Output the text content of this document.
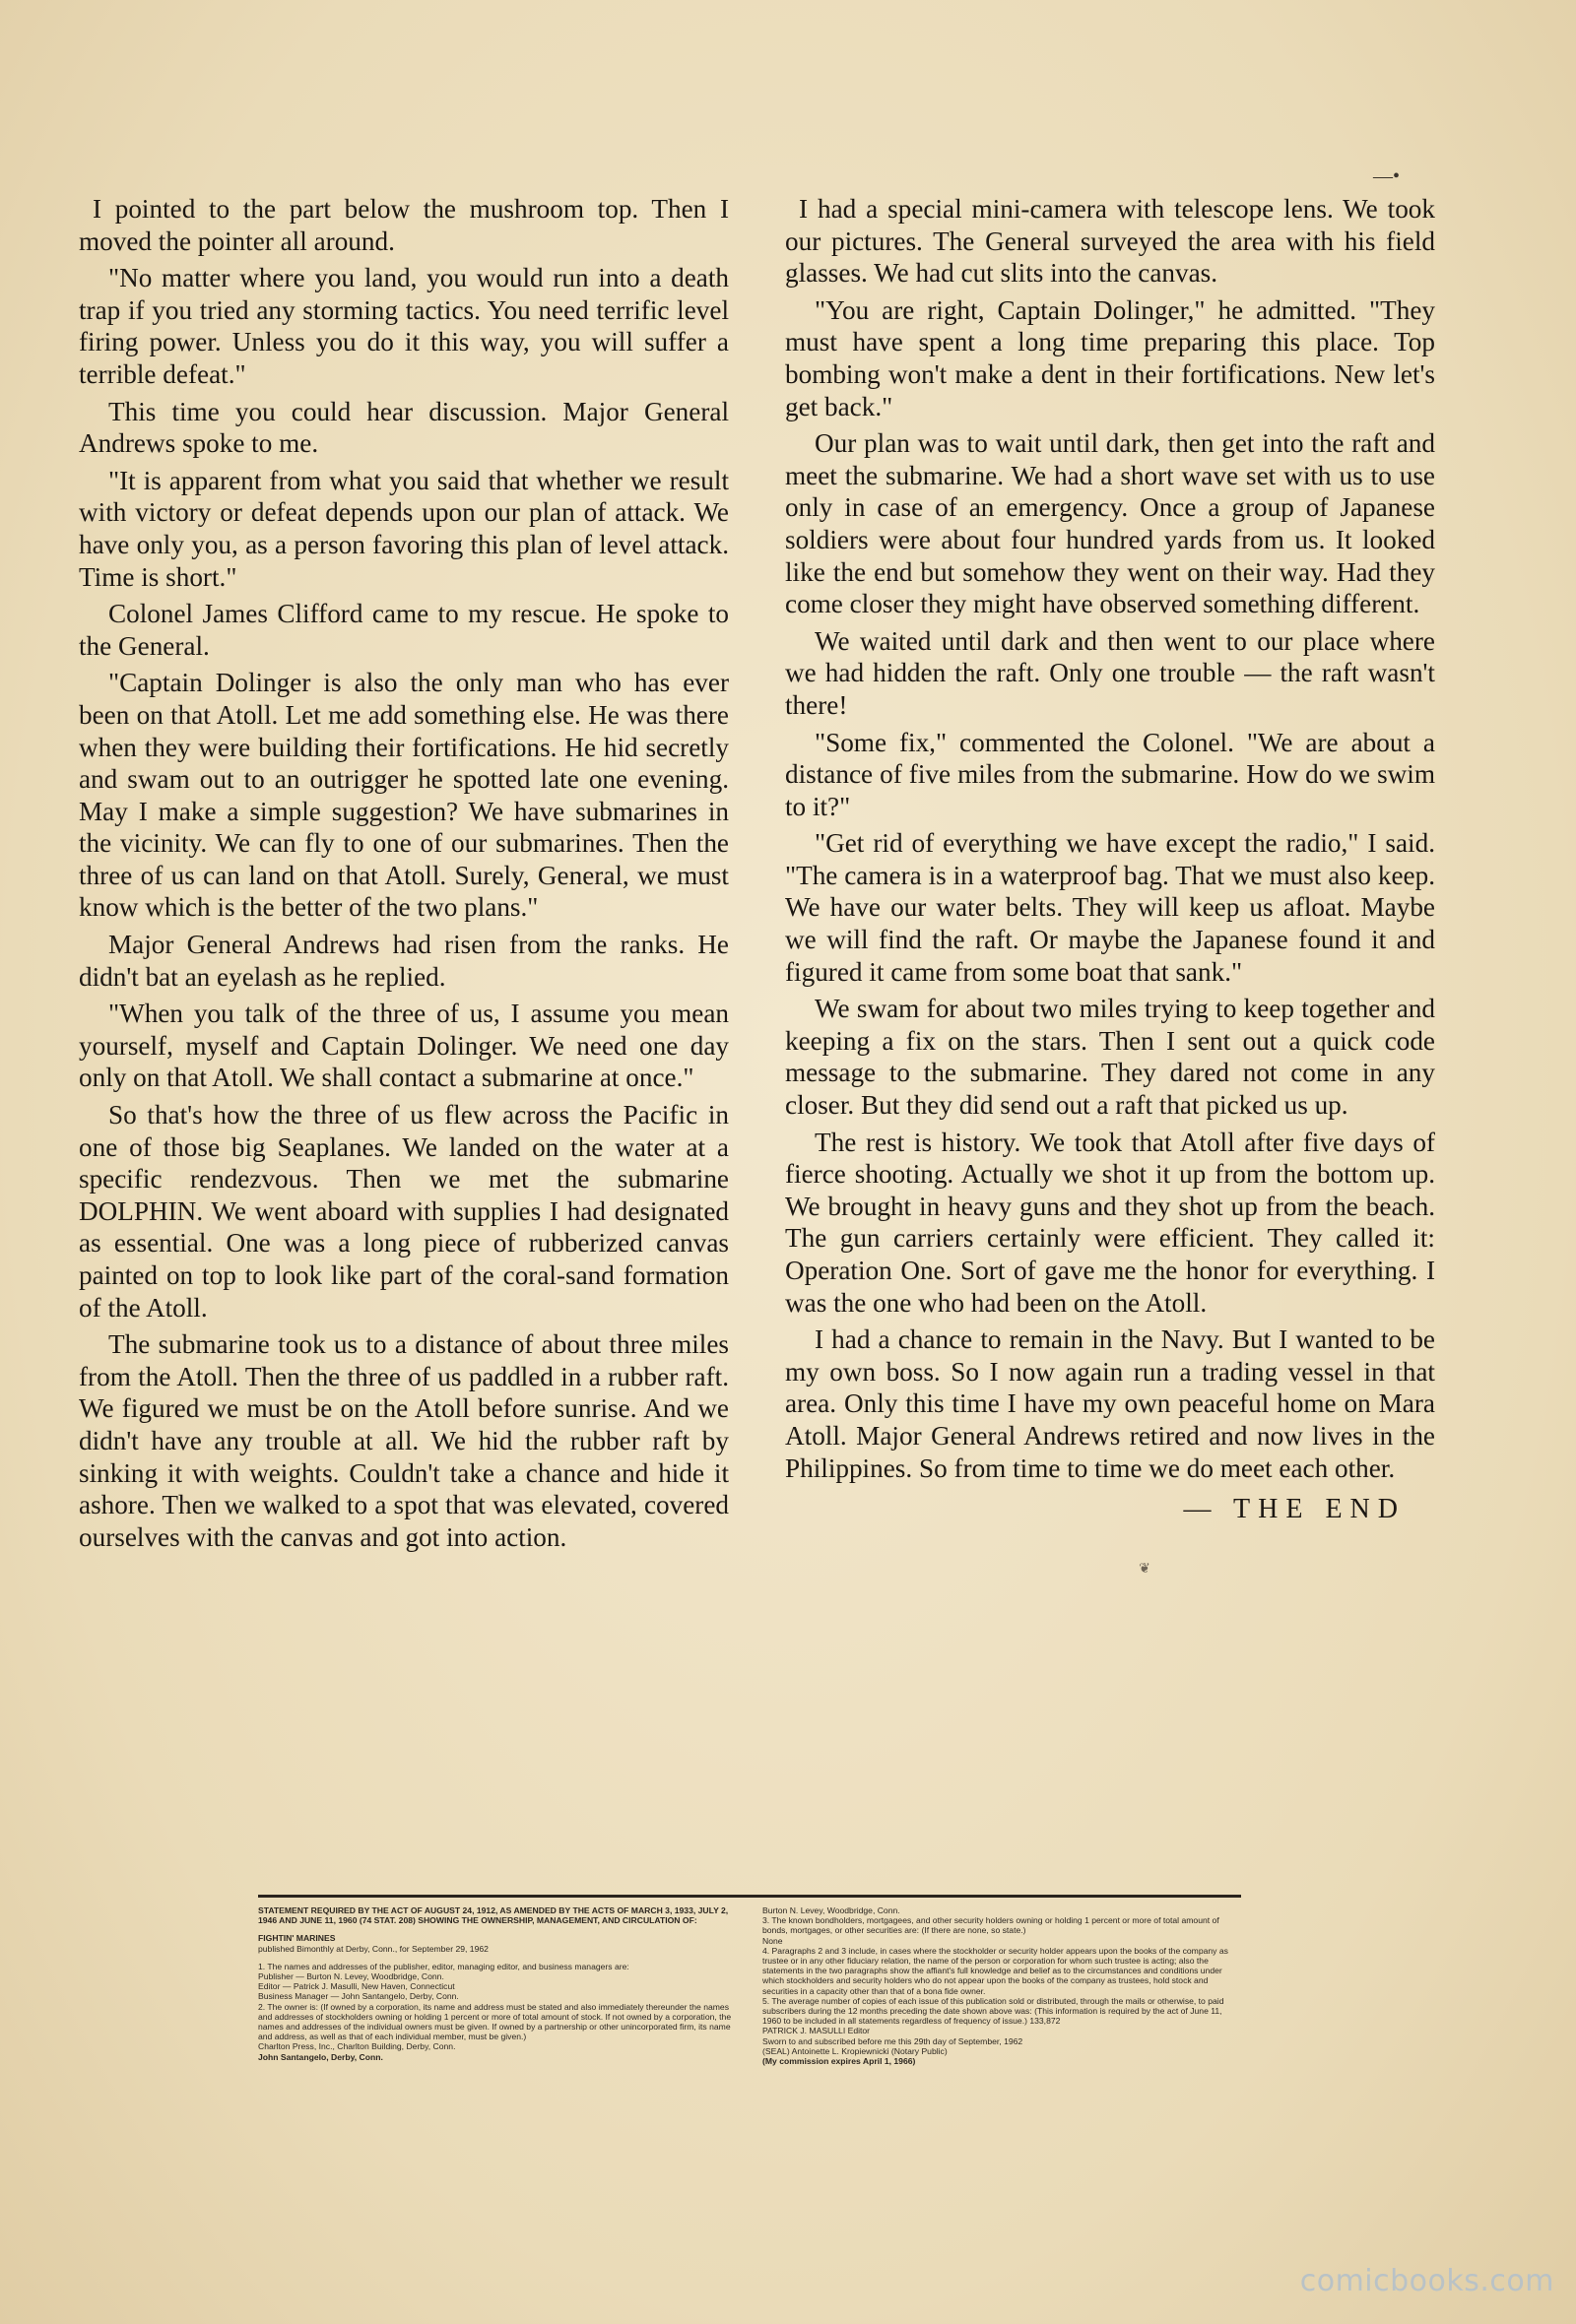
—•

I pointed to the part below the mushroom top. Then I moved the pointer all around.

"No matter where you land, you would run into a death trap if you tried any storming tactics. You need terrific level firing power. Unless you do it this way, you will suffer a terrible defeat."

This time you could hear discussion. Major General Andrews spoke to me.

"It is apparent from what you said that whether we result with victory or defeat depends upon our plan of attack. We have only you, as a person favoring this plan of level attack. Time is short."

Colonel James Clifford came to my rescue. He spoke to the General.

"Captain Dolinger is also the only man who has ever been on that Atoll. Let me add something else. He was there when they were building their fortifications. He hid secretly and swam out to an outrigger he spotted late one evening. May I make a simple suggestion? We have submarines in the vicinity. We can fly to one of our submarines. Then the three of us can land on that Atoll. Surely, General, we must know which is the better of the two plans."

Major General Andrews had risen from the ranks. He didn't bat an eyelash as he replied.

"When you talk of the three of us, I assume you mean yourself, myself and Captain Dolinger. We need one day only on that Atoll. We shall contact a submarine at once."

So that's how the three of us flew across the Pacific in one of those big Seaplanes. We landed on the water at a specific rendezvous. Then we met the submarine DOLPHIN. We went aboard with supplies I had designated as essential. One was a long piece of rubberized canvas painted on top to look like part of the coral-sand formation of the Atoll.

The submarine took us to a distance of about three miles from the Atoll. Then the three of us paddled in a rubber raft. We figured we must be on the Atoll before sunrise. And we didn't have any trouble at all. We hid the rubber raft by sinking it with weights. Couldn't take a chance and hide it ashore. Then we walked to a spot that was elevated, covered ourselves with the canvas and got into action.

I had a special mini-camera with telescope lens. We took our pictures. The General surveyed the area with his field glasses. We had cut slits into the canvas.

"You are right, Captain Dolinger," he admitted. "They must have spent a long time preparing this place. Top bombing won't make a dent in their fortifications. New let's get back."

Our plan was to wait until dark, then get into the raft and meet the submarine. We had a short wave set with us to use only in case of an emergency. Once a group of Japanese soldiers were about four hundred yards from us. It looked like the end but somehow they went on their way. Had they come closer they might have observed something different.

We waited until dark and then went to our place where we had hidden the raft. Only one trouble — the raft wasn't there!

"Some fix," commented the Colonel. "We are about a distance of five miles from the submarine. How do we swim to it?"

"Get rid of everything we have except the radio," I said. "The camera is in a waterproof bag. That we must also keep. We have our water belts. They will keep us afloat. Maybe we will find the raft. Or maybe the Japanese found it and figured it came from some boat that sank."

We swam for about two miles trying to keep together and keeping a fix on the stars. Then I sent out a quick code message to the submarine. They dared not come in any closer. But they did send out a raft that picked us up.

The rest is history. We took that Atoll after five days of fierce shooting. Actually we shot it up from the bottom up. We brought in heavy guns and they shot up from the beach. The gun carriers certainly were efficient. They called it: Operation One. Sort of gave me the honor for everything. I was the one who had been on the Atoll.

I had a chance to remain in the Navy. But I wanted to be my own boss. So I now again run a trading vessel in that area. Only this time I have my own peaceful home on Mara Atoll. Major General Andrews retired and now lives in the Philippines. So from time to time we do meet each other.

— THE END
❦
STATEMENT REQUIRED BY THE ACT OF AUGUST 24, 1912, AS AMENDED BY THE ACTS OF MARCH 3, 1933, JULY 2, 1946 AND JUNE 11, 1960 (74 STAT. 208) SHOWING THE OWNERSHIP, MANAGEMENT, AND CIRCULATION OF:
FIGHTIN' MARINES
published Bimonthly at Derby, Conn., for September 29, 1962
1. The names and addresses of the publisher, editor, managing editor, and business managers are:
Publisher — Burton N. Levey, Woodbridge, Conn.
Editor — Patrick J. Masulli, New Haven, Connecticut
Business Manager — John Santangelo, Derby, Conn.
2. The owner is: (If owned by a corporation, its name and address must be stated and also immediately thereunder the names and addresses of stockholders owning or holding 1 percent or more of total amount of stock. If not owned by a corporation, the names and addresses of the individual owners must be given. If owned by a partnership or other unincorporated firm, its name and address, as well as that of each individual member, must be given.)
Charlton Press, Inc., Charlton Building, Derby, Conn.
John Santangelo, Derby, Conn.
Burton N. Levey, Woodbridge, Conn.
3. The known bondholders, mortgagees, and other security holders owning or holding 1 percent or more of total amount of bonds, mortgages, or other securities are: (If there are none, so state.)
None
4. Paragraphs 2 and 3 include, in cases where the stockholder or security holder appears upon the books of the company as trustee or in any other fiduciary relation, the name of the person or corporation for whom such trustee is acting; also the statements in the two paragraphs show the affiant's full knowledge and belief as to the circumstances and conditions under which stockholders and security holders who do not appear upon the books of the company as trustees, hold stock and securities in a capacity other than that of a bona fide owner.
5. The average number of copies of each issue of this publication sold or distributed, through the mails or otherwise, to paid subscribers during the 12 months preceding the date shown above was: (This information is required by the act of June 11, 1960 to be included in all statements regardless of frequency of issue.) 133,872
PATRICK J. MASULLI Editor
Sworn to and subscribed before me this 29th day of September, 1962
(SEAL) Antoinette L. Kropiewnicki (Notary Public)
(My commission expires April 1, 1966)
comicbooks.com
